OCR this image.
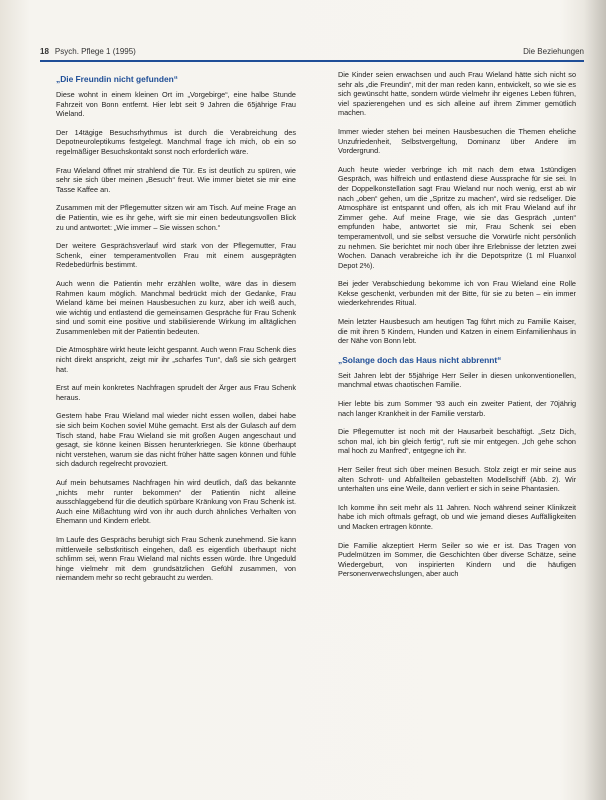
18 Psych. Pflege 1 (1995)	Die Beziehungen
„Die Freundin nicht gefunden“

Diese wohnt in einem kleinen Ort im „Vorgebirge“, eine halbe Stunde Fahrzeit von Bonn entfernt. Hier lebt seit 9 Jahren die 65jährige Frau Wieland.

Der 14tägige Besuchsrhythmus ist durch die Verabreichung des Depotneuroleptikums festgelegt. Manchmal frage ich mich, ob ein so regelmäßiger Besuchskontakt sonst noch erforderlich wäre.

Frau Wieland öffnet mir strahlend die Tür. Es ist deutlich zu spüren, wie sehr sie sich über meinen „Besuch“ freut. Wie immer bietet sie mir eine Tasse Kaffee an.

Zusammen mit der Pflegemutter sitzen wir am Tisch. Auf meine Frage an die Patientin, wie es ihr gehe, wirft sie mir einen bedeutungsvollen Blick zu und antwortet: „Wie immer – Sie wissen schon.“

Der weitere Gesprächsverlauf wird stark von der Pflegemutter, Frau Schenk, einer temperamentvollen Frau mit einem ausgeprägten Redebedürfnis bestimmt.

Auch wenn die Patientin mehr erzählen wollte, wäre das in diesem Rahmen kaum möglich. Manchmal bedrückt mich der Gedanke, Frau Wieland käme bei meinen Hausbesuchen zu kurz, aber ich weiß auch, wie wichtig und entlastend die gemeinsamen Gespräche für Frau Schenk sind und somit eine positive und stabilisierende Wirkung im alltäglichen Zusammenleben mit der Patientin bedeuten.

Die Atmosphäre wirkt heute leicht gespannt. Auch wenn Frau Schenk dies nicht direkt anspricht, zeigt mir ihr „scharfes Tun“, daß sie sich geärgert hat.

Erst auf mein konkretes Nachfragen sprudelt der Ärger aus Frau Schenk heraus.

Gestern habe Frau Wieland mal wieder nicht essen wollen, dabei habe sie sich beim Kochen soviel Mühe gemacht. Erst als der Gulasch auf dem Tisch stand, habe Frau Wieland sie mit großen Augen angeschaut und gesagt, sie könne keinen Bissen herunterkriegen. Sie könne überhaupt nicht verstehen, warum sie das nicht früher hätte sagen können und fühle sich dadurch regelrecht provoziert.

Auf mein behutsames Nachfragen hin wird deutlich, daß das bekannte „nichts mehr runter bekommen“ der Patientin nicht alleine ausschlaggebend für die deutlich spürbare Kränkung von Frau Schenk ist. Auch eine Mißachtung wird von ihr auch durch ähnliches Verhalten von Ehemann und Kindern erlebt.

Im Laufe des Gesprächs beruhigt sich Frau Schenk zunehmend. Sie kann mittlerweile selbstkritisch eingehen, daß es eigentlich überhaupt nicht schlimm sei, wenn Frau Wieland mal nichts essen würde. Ihre Ungeduld hinge vielmehr mit dem grundsätzlichen Gefühl zusammen, von niemandem mehr so recht gebraucht zu werden.

Die Kinder seien erwachsen und auch Frau Wieland hätte sich nicht so sehr als „die Freundin“, mit der man reden kann, entwickelt, so wie sie es sich gewünscht hatte, sondern würde vielmehr ihr eigenes Leben führen, viel spazierengehen und es sich alleine auf ihrem Zimmer gemütlich machen.

Immer wieder stehen bei meinen Hausbesuchen die Themen eheliche Unzufriedenheit, Selbstvergeltung, Dominanz über Andere im Vordergrund.

Auch heute wieder verbringe ich mit nach dem etwa 1stündigen Gespräch, was hilfreich und entlastend diese Aussprache für sie sei. In der Doppelkonstellation sagt Frau Wieland nur noch wenig, erst ab wir nach „oben“ gehen, um die „Spritze zu machen“, wird sie redseliger. Die Atmosphäre ist entspannt und offen, als ich mit Frau Wieland auf ihr Zimmer gehe. Auf meine Frage, wie sie das Gespräch „unten“ empfunden habe, antwortet sie mir, Frau Schenk sei eben temperamentvoll, und sie selbst versuche die Vorwürfe nicht persönlich zu nehmen. Sie berichtet mir noch über ihre Erlebnisse der letzten zwei Wochen. Danach verabreiche ich ihr die Depotspritze (1 ml Fluanxol Depot 2%).

Bei jeder Verabschiedung bekomme ich von Frau Wieland eine Rolle Kekse geschenkt, verbunden mit der Bitte, für sie zu beten – ein immer wiederkehrendes Ritual.

Mein letzter Hausbesuch am heutigen Tag führt mich zu Familie Kaiser, die mit ihren 5 Kindern, Hunden und Katzen in einem Einfamilienhaus in der Nähe von Bonn lebt.

„Solange doch das Haus nicht abbrennt“

Seit Jahren lebt der 55jährige Herr Seiler in diesen unkonventionellen, manchmal etwas chaotischen Familie.

Hier lebte bis zum Sommer '93 auch ein zweiter Patient, der 70jährig nach langer Krankheit in der Familie verstarb.

Die Pflegemutter ist noch mit der Hausarbeit beschäftigt. „Setz Dich, schon mal, ich bin gleich fertig“, ruft sie mir entgegen. „Ich gehe schon mal hoch zu Manfred“, entgegne ich ihr.

Herr Seiler freut sich über meinen Besuch. Stolz zeigt er mir seine aus alten Schrott- und Abfallteilen gebastelten Modellschiff (Abb. 2). Wir unterhalten uns eine Weile, dann verliert er sich in seine Phantasien.

Ich komme ihn seit mehr als 11 Jahren. Noch während seiner Klinikzeit habe ich mich oftmals gefragt, ob und wie jemand dieses Auffälligkeiten und Macken ertragen könnte.

Die Familie akzeptiert Herrn Seiler so wie er ist. Das Tragen von Pudelmützen im Sommer, die Geschichten über diverse Schätze, seine Wiedergeburt, von inspirierten Kindern und die häufigen Personenverwechslungen, aber auch
